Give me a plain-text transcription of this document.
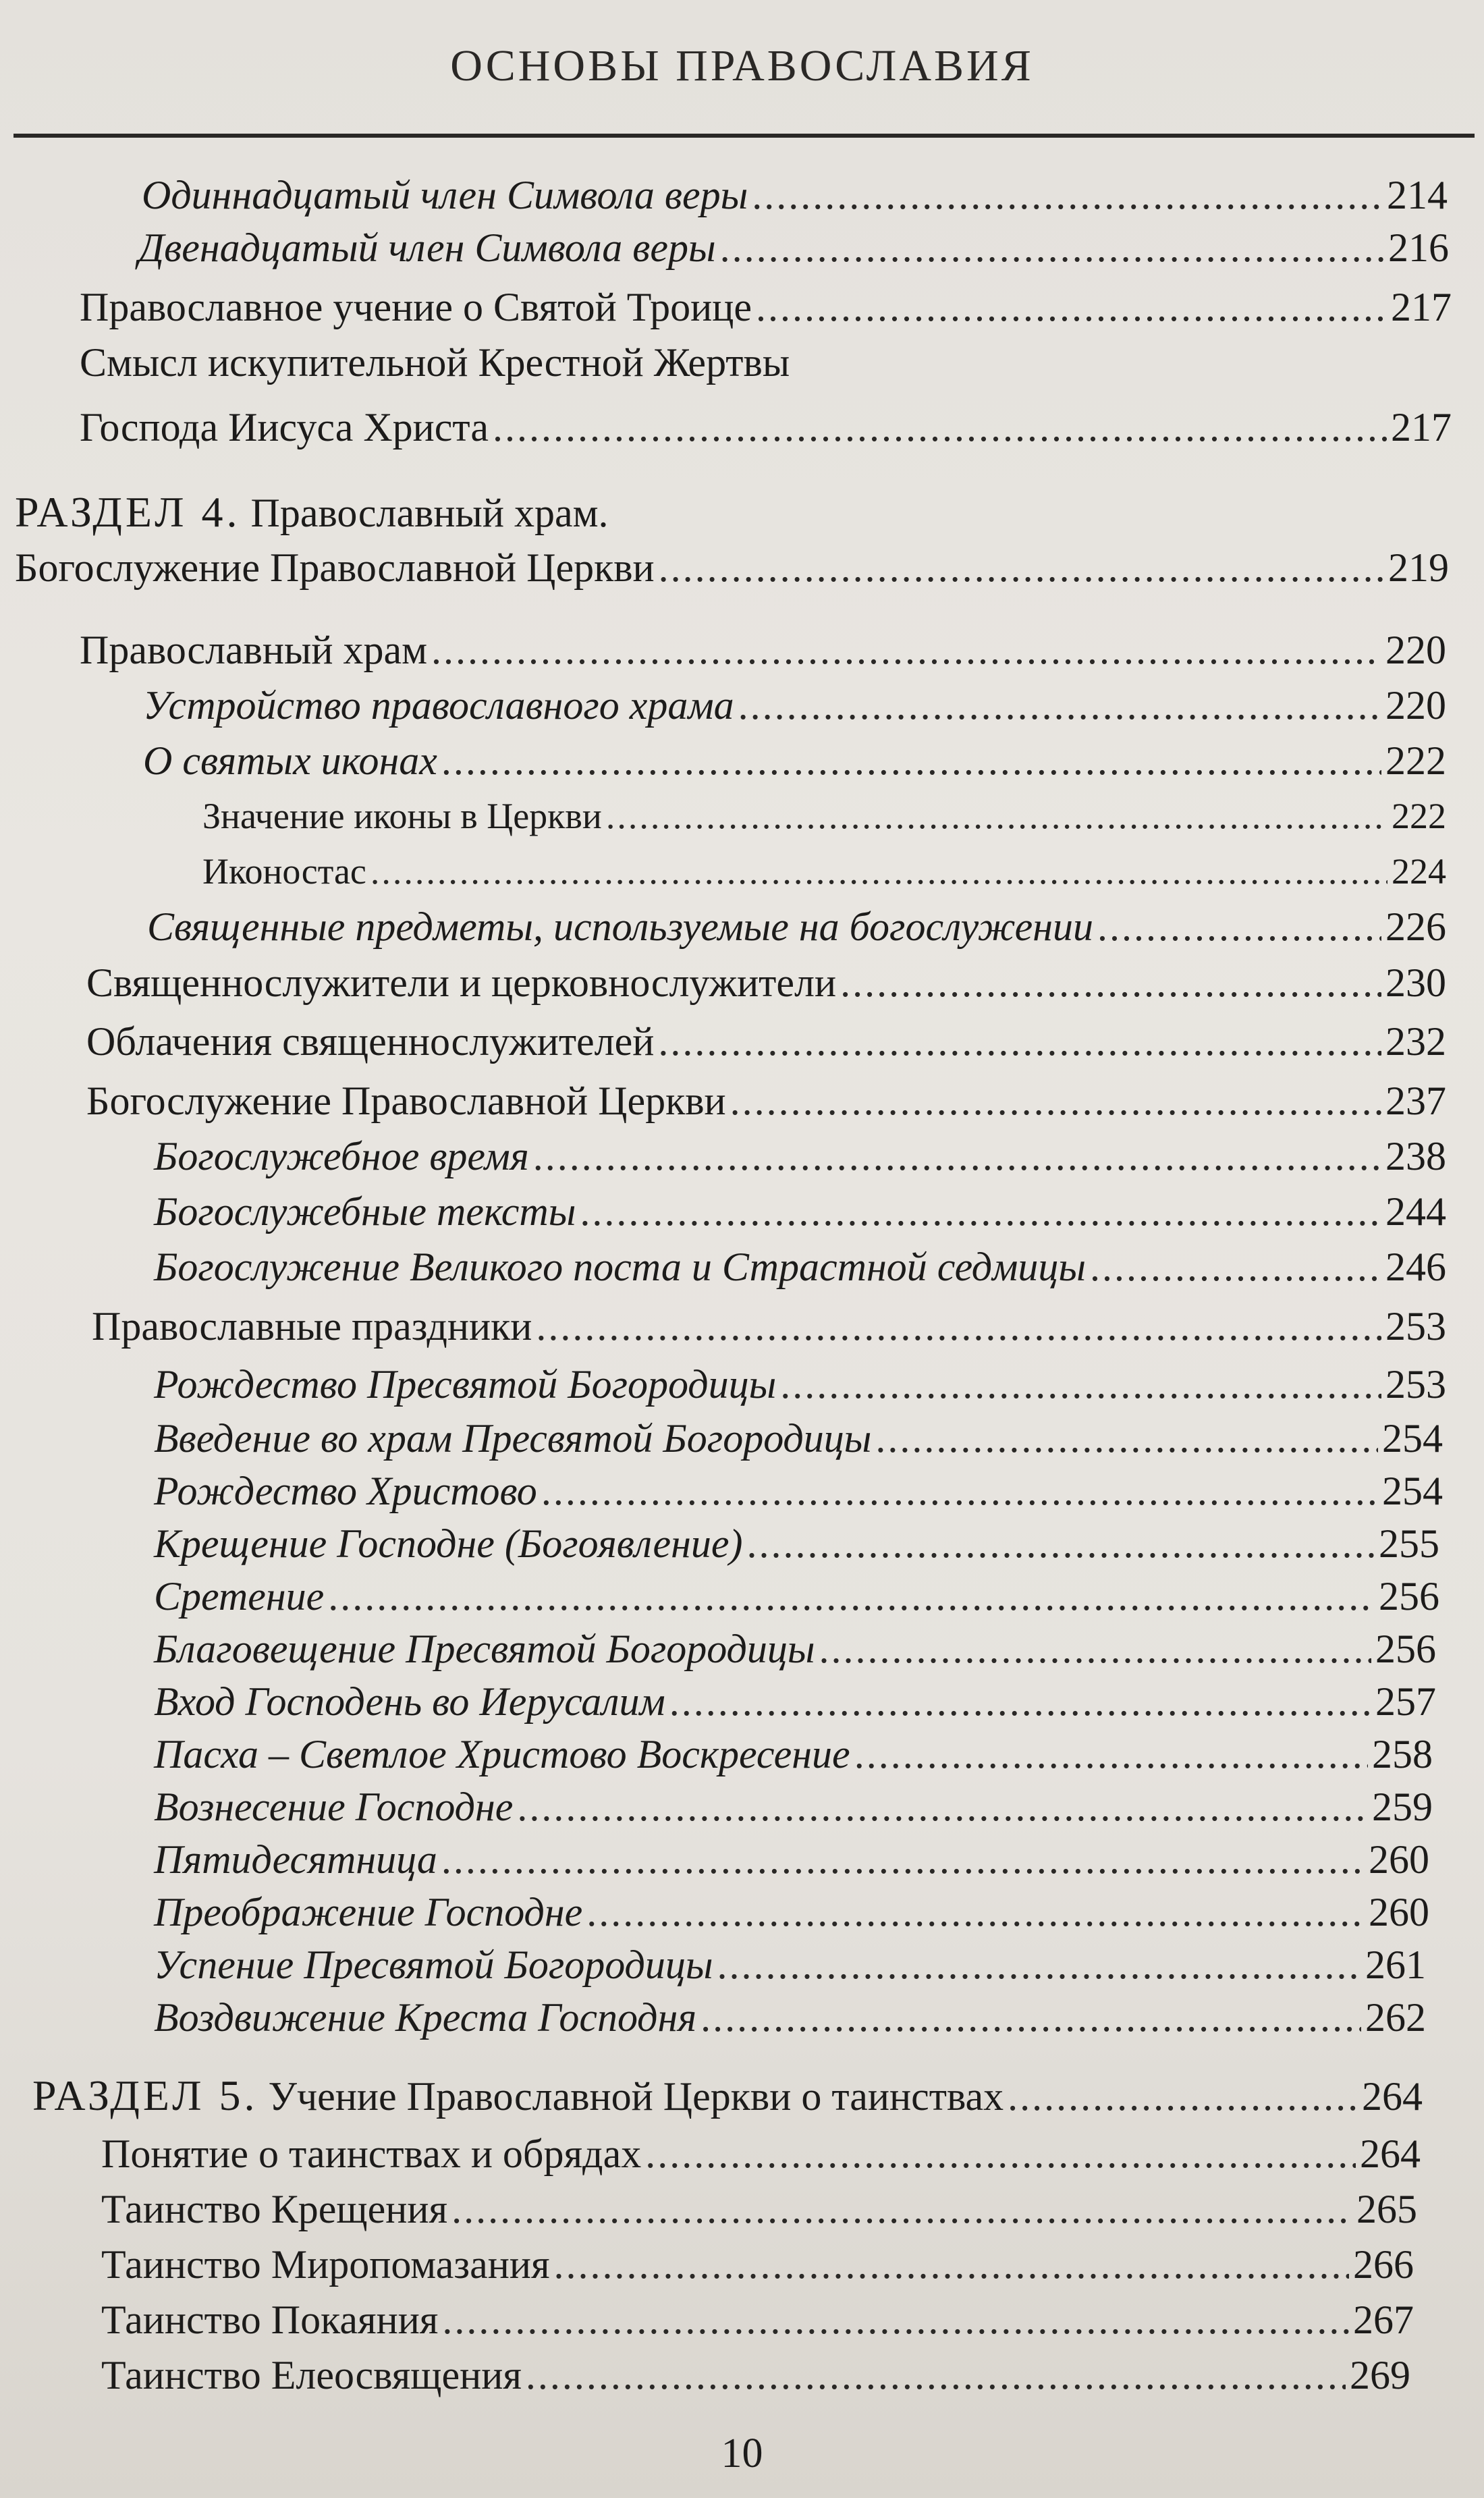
ОСНОВЫ ПРАВОСЛАВИЯ
Одиннадцатый член Символа веры .....	214
Двенадцатый член Символа веры .....	216
Православное учение о Святой Троице .....	217
Смысл искупительной Крестной Жертвы
Господа Иисуса Христа .....	217
РАЗДЕЛ 4. Православный храм.
Богослужение Православной Церкви .....	219
Православный храм .....	220
Устройство православного храма .....	220
О святых иконах .....	222
Значение иконы в Церкви .....	222
Иконостас .....	224
Священные предметы, используемые на богослужении .....	226
Священнослужители и церковнослужители .....	230
Облачения священнослужителей .....	232
Богослужение Православной Церкви .....	237
Богослужебное время .....	238
Богослужебные тексты .....	244
Богослужение Великого поста и Страстной седмицы .....	246
Православные праздники .....	253
Рождество Пресвятой Богородицы .....	253
Введение во храм Пресвятой Богородицы .....	254
Рождество Христово .....	254
Крещение Господне (Богоявление) .....	255
Сретение .....	256
Благовещение Пресвятой Богородицы .....	256
Вход Господень во Иерусалим .....	257
Пасха – Светлое Христово Воскресение .....	258
Вознесение Господне .....	259
Пятидесятница .....	260
Преображение Господне .....	260
Успение Пресвятой Богородицы .....	261
Воздвижение Креста Господня .....	262
РАЗДЕЛ 5. Учение Православной Церкви о таинствах .....	264
Понятие о таинствах и обрядах .....	264
Таинство Крещения .....	265
Таинство Миропомазания .....	266
Таинство Покаяния .....	267
Таинство Елеосвящения .....	269
10
